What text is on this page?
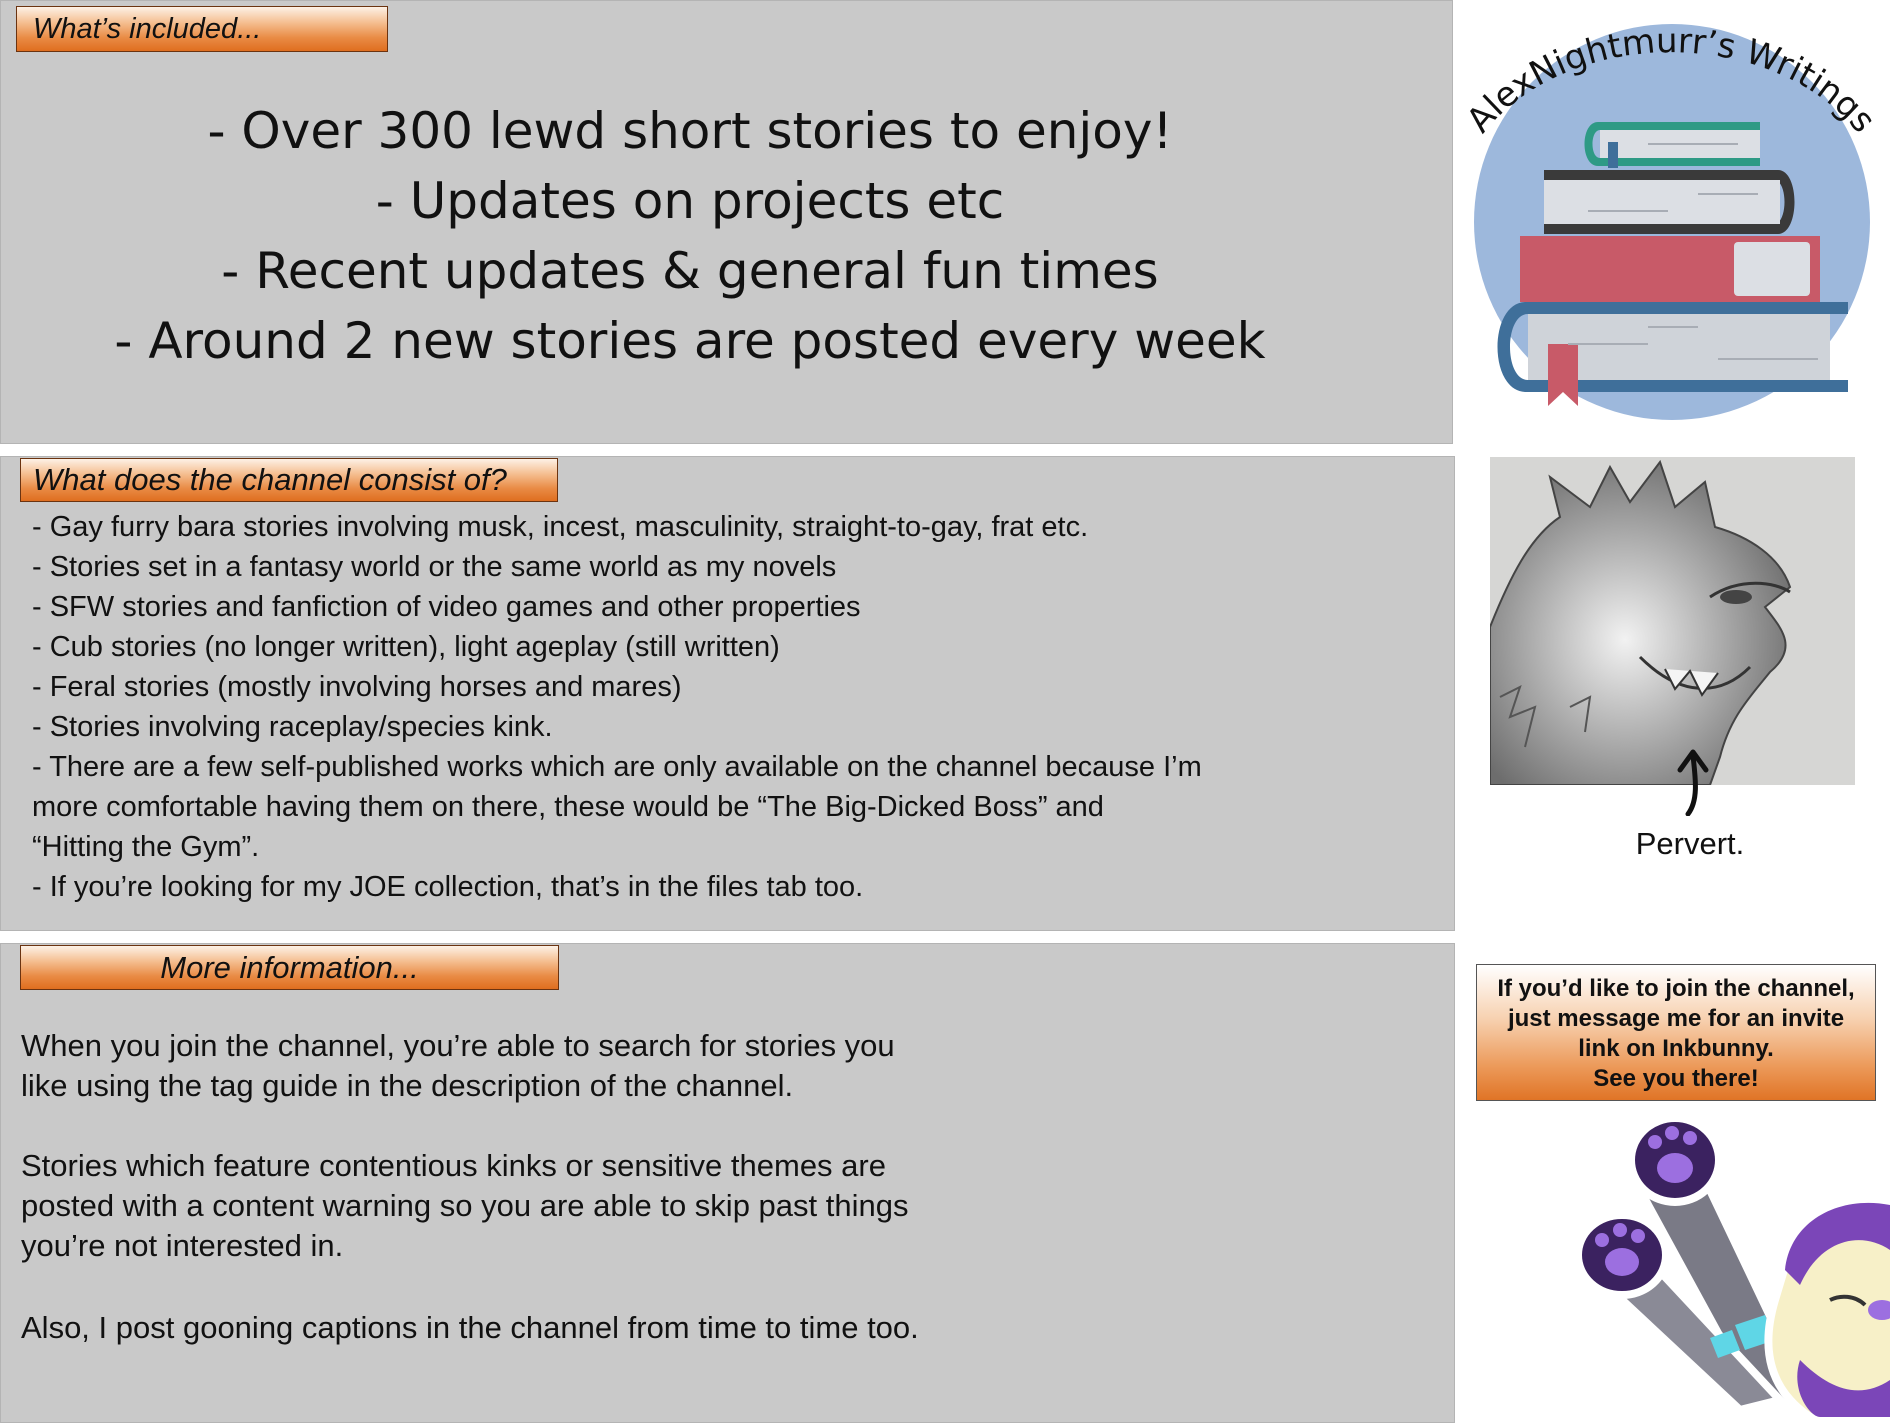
What’s included...
- Over 300 lewd short stories to enjoy!
- Updates on projects etc
- Recent updates & general fun times
- Around 2 new stories are posted every week
What does the channel consist of?
- Gay furry bara stories involving musk, incest, masculinity, straight-to-gay, frat etc.
- Stories set in a fantasy world or the same world as my novels
- SFW stories and fanfiction of video games and other properties
- Cub stories (no longer written), light ageplay (still written)
- Feral stories (mostly involving horses and mares)
- Stories involving raceplay/species kink.
- There are a few self-published works which are only available on the channel because I’m
more comfortable having them on there, these would be “The Big-Dicked Boss” and
“Hitting the Gym”.
- If you’re looking for my JOE collection, that’s in the files tab too.
More information...
When you join the channel, you’re able to search for stories you
like using the tag guide in the description of the channel.
Stories which feature contentious kinks or sensitive themes are
posted with a content warning so you are able to skip past things
you’re not interested in.
Also, I post gooning captions in the channel from time to time too.
AlexNightmurr’s Writings
Pervert.
If you’d like to join the channel,
just message me for an invite
link on Inkbunny.
See you there!
